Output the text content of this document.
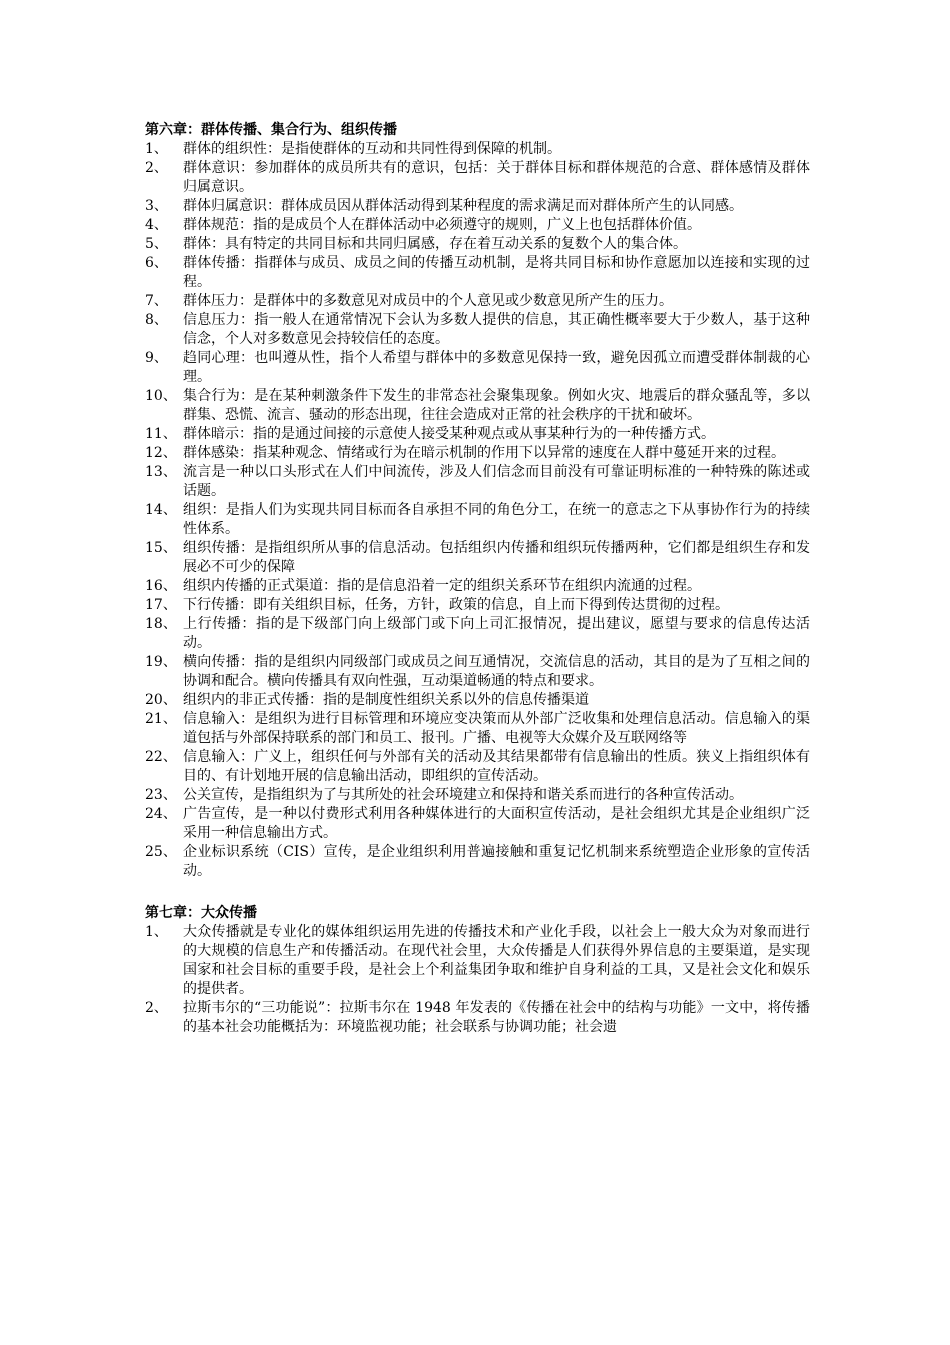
第六章：群体传播、集合行为、组织传播
1、	群体的组织性：是指使群体的互动和共同性得到保障的机制。
2、	群体意识：参加群体的成员所共有的意识，包括：关于群体目标和群体规范的合意、群体感情及群体归属意识。
3、	群体归属意识：群体成员因从群体活动得到某种程度的需求满足而对群体所产生的认同感。
4、	群体规范：指的是成员个人在群体活动中必须遵守的规则，广义上也包括群体价值。
5、	群体：具有特定的共同目标和共同归属感，存在着互动关系的复数个人的集合体。
6、	群体传播：指群体与成员、成员之间的传播互动机制，是将共同目标和协作意愿加以连接和实现的过程。
7、	群体压力：是群体中的多数意见对成员中的个人意见或少数意见所产生的压力。
8、	信息压力：指一般人在通常情况下会认为多数人提供的信息，其正确性概率要大于少数人，基于这种信念，个人对多数意见会持较信任的态度。
9、	趋同心理：也叫遵从性，指个人希望与群体中的多数意见保持一致，避免因孤立而遭受群体制裁的心理。
10、 集合行为：是在某种刺激条件下发生的非常态社会聚集现象。例如火灾、地震后的群众骚乱等，多以群集、恐慌、流言、骚动的形态出现，往往会造成对正常的社会秩序的干扰和破坏。
11、 群体暗示：指的是通过间接的示意使人接受某种观点或从事某种行为的一种传播方式。
12、 群体感染：指某种观念、情绪或行为在暗示机制的作用下以异常的速度在人群中蔓延开来的过程。
13、 流言是一种以口头形式在人们中间流传，涉及人们信念而目前没有可靠证明标准的一种特殊的陈述或话题。
14、 组织：是指人们为实现共同目标而各自承担不同的角色分工，在统一的意志之下从事协作行为的持续性体系。
15、 组织传播：是指组织所从事的信息活动。包括组织内传播和组织玩传播两种，它们都是组织生存和发展必不可少的保障
16、 组织内传播的正式渠道：指的是信息沿着一定的组织关系环节在组织内流通的过程。
17、 下行传播：即有关组织目标，任务，方针，政策的信息，自上而下得到传达贯彻的过程。
18、 上行传播：指的是下级部门向上级部门或下向上司汇报情况，提出建议，愿望与要求的信息传达活动。
19、 横向传播：指的是组织内同级部门或成员之间互通情况，交流信息的活动，其目的是为了互相之间的协调和配合。横向传播具有双向性强，互动渠道畅通的特点和要求。
20、 组织内的非正式传播：指的是制度性组织关系以外的信息传播渠道
21、 信息输入：是组织为进行目标管理和环境应变决策而从外部广泛收集和处理信息活动。信息输入的渠道包括与外部保持联系的部门和员工、报刊。广播、电视等大众媒介及互联网络等
22、 信息输入：广义上，组织任何与外部有关的活动及其结果都带有信息输出的性质。狭义上指组织体有目的、有计划地开展的信息输出活动，即组织的宣传活动。
23、 公关宣传，是指组织为了与其所处的社会环境建立和保持和谐关系而进行的各种宣传活动。
24、 广告宣传，是一种以付费形式利用各种媒体进行的大面积宣传活动，是社会组织尤其是企业组织广泛采用一种信息输出方式。
25、 企业标识系统（CIS）宣传，是企业组织利用普遍接触和重复记忆机制来系统塑造企业形象的宣传活动。
第七章：大众传播
1、	大众传播就是专业化的媒体组织运用先进的传播技术和产业化手段，以社会上一般大众为对象而进行的大规模的信息生产和传播活动。在现代社会里，大众传播是人们获得外界信息的主要渠道，是实现国家和社会目标的重要手段，是社会上个利益集团争取和维护自身利益的工具，又是社会文化和娱乐的提供者。
2、	拉斯韦尔的“三功能说”：拉斯韦尔在 1948 年发表的《传播在社会中的结构与功能》一文中，将传播的基本社会功能概括为：环境监视功能；社会联系与协调功能；社会遗
